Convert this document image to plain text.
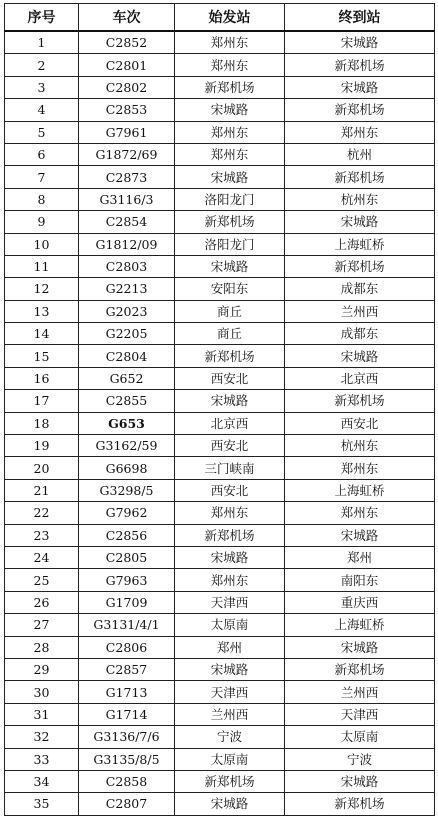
序号	车次	始发站	终到站
1	C2852	郑州东	宋城路
2	C2801	郑州东	新郑机场
3	C2802	新郑机场	宋城路
4	C2853	宋城路	新郑机场
5	G7961	郑州东	郑州东
6	G1872/69	郑州东	杭州
7	C2873	宋城路	新郑机场
8	G3116/3	洛阳龙门	杭州东
9	C2854	新郑机场	宋城路
10	G1812/09	洛阳龙门	上海虹桥
11	C2803	宋城路	新郑机场
12	G2213	安阳东	成都东
13	G2023	商丘	兰州西
14	G2205	商丘	成都东
15	C2804	新郑机场	宋城路
16	G652	西安北	北京西
17	C2855	宋城路	新郑机场
18	G653	北京西	西安北
19	G3162/59	西安北	杭州东
20	G6698	三门峡南	郑州东
21	G3298/5	西安北	上海虹桥
22	G7962	郑州东	郑州东
23	C2856	新郑机场	宋城路
24	C2805	宋城路	郑州
25	G7963	郑州东	南阳东
26	G1709	天津西	重庆西
27	G3131/4/1	太原南	上海虹桥
28	C2806	郑州	宋城路
29	C2857	宋城路	新郑机场
30	G1713	天津西	兰州西
31	G1714	兰州西	天津西
32	G3136/7/6	宁波	太原南
33	G3135/8/5	太原南	宁波
34	C2858	新郑机场	宋城路
35	C2807	宋城路	新郑机场
